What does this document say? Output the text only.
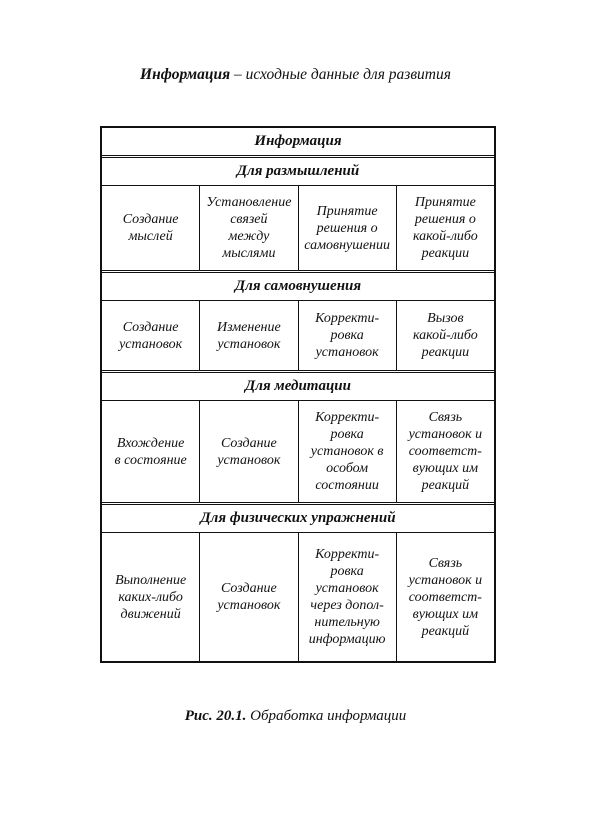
Информация – исходные данные для развития
Информация
Для размышлений
Создание
мыслей
Установление
связей
между
мыслями
Принятие
решения о
самовнушении
Принятие
решения о
какой-либо
реакции
Для самовнушения
Создание
установок
Изменение
установок
Корректи-
ровка
установок
Вызов
какой-либо
реакции
Для медитации
Вхождение
в состояние
Создание
установок
Корректи-
ровка
установок в
особом
состоянии
Связь
установок и
соответст-
вующих им
реакций
Для физических упражнений
Выполнение
каких-либо
движений
Создание
установок
Корректи-
ровка
установок
через допол-
нительную
информацию
Связь
установок и
соответст-
вующих им
реакций
Рис. 20.1. Обработка информации
